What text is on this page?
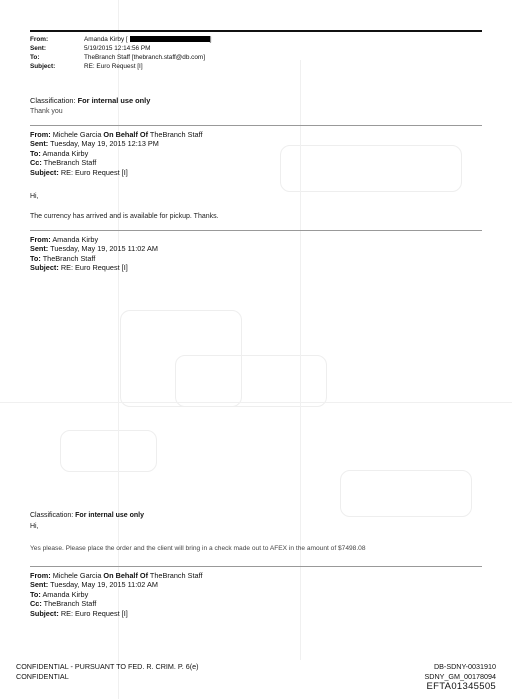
From:	Amanda Kirby [	]
Sent:	5/19/2015 12:14:56 PM
To:	TheBranch Staff [thebranch.staff@db.com]
Subject:	RE: Euro Request [I]
Classification: For internal use only
Thank you
From: Michele Garcia On Behalf Of TheBranch Staff
Sent: Tuesday, May 19, 2015 12:13 PM
To: Amanda Kirby
Cc: TheBranch Staff
Subject: RE: Euro Request [I]
Hi,
The currency has arrived and is available for pickup. Thanks.
From: Amanda Kirby
Sent: Tuesday, May 19, 2015 11:02 AM
To: TheBranch Staff
Subject: RE: Euro Request [I]
Classification: For internal use only
Hi,
Yes please. Please place the order and the client will bring in a check made out to AFEX in the amount of $7498.08
From: Michele Garcia On Behalf Of TheBranch Staff
Sent: Tuesday, May 19, 2015 11:02 AM
To: Amanda Kirby
Cc: TheBranch Staff
Subject: RE: Euro Request [I]
CONFIDENTIAL - PURSUANT TO FED. R. CRIM. P. 6(e)
CONFIDENTIAL
DB-SDNY-0031910
SDNY_GM_00178094
EFTA01345505
